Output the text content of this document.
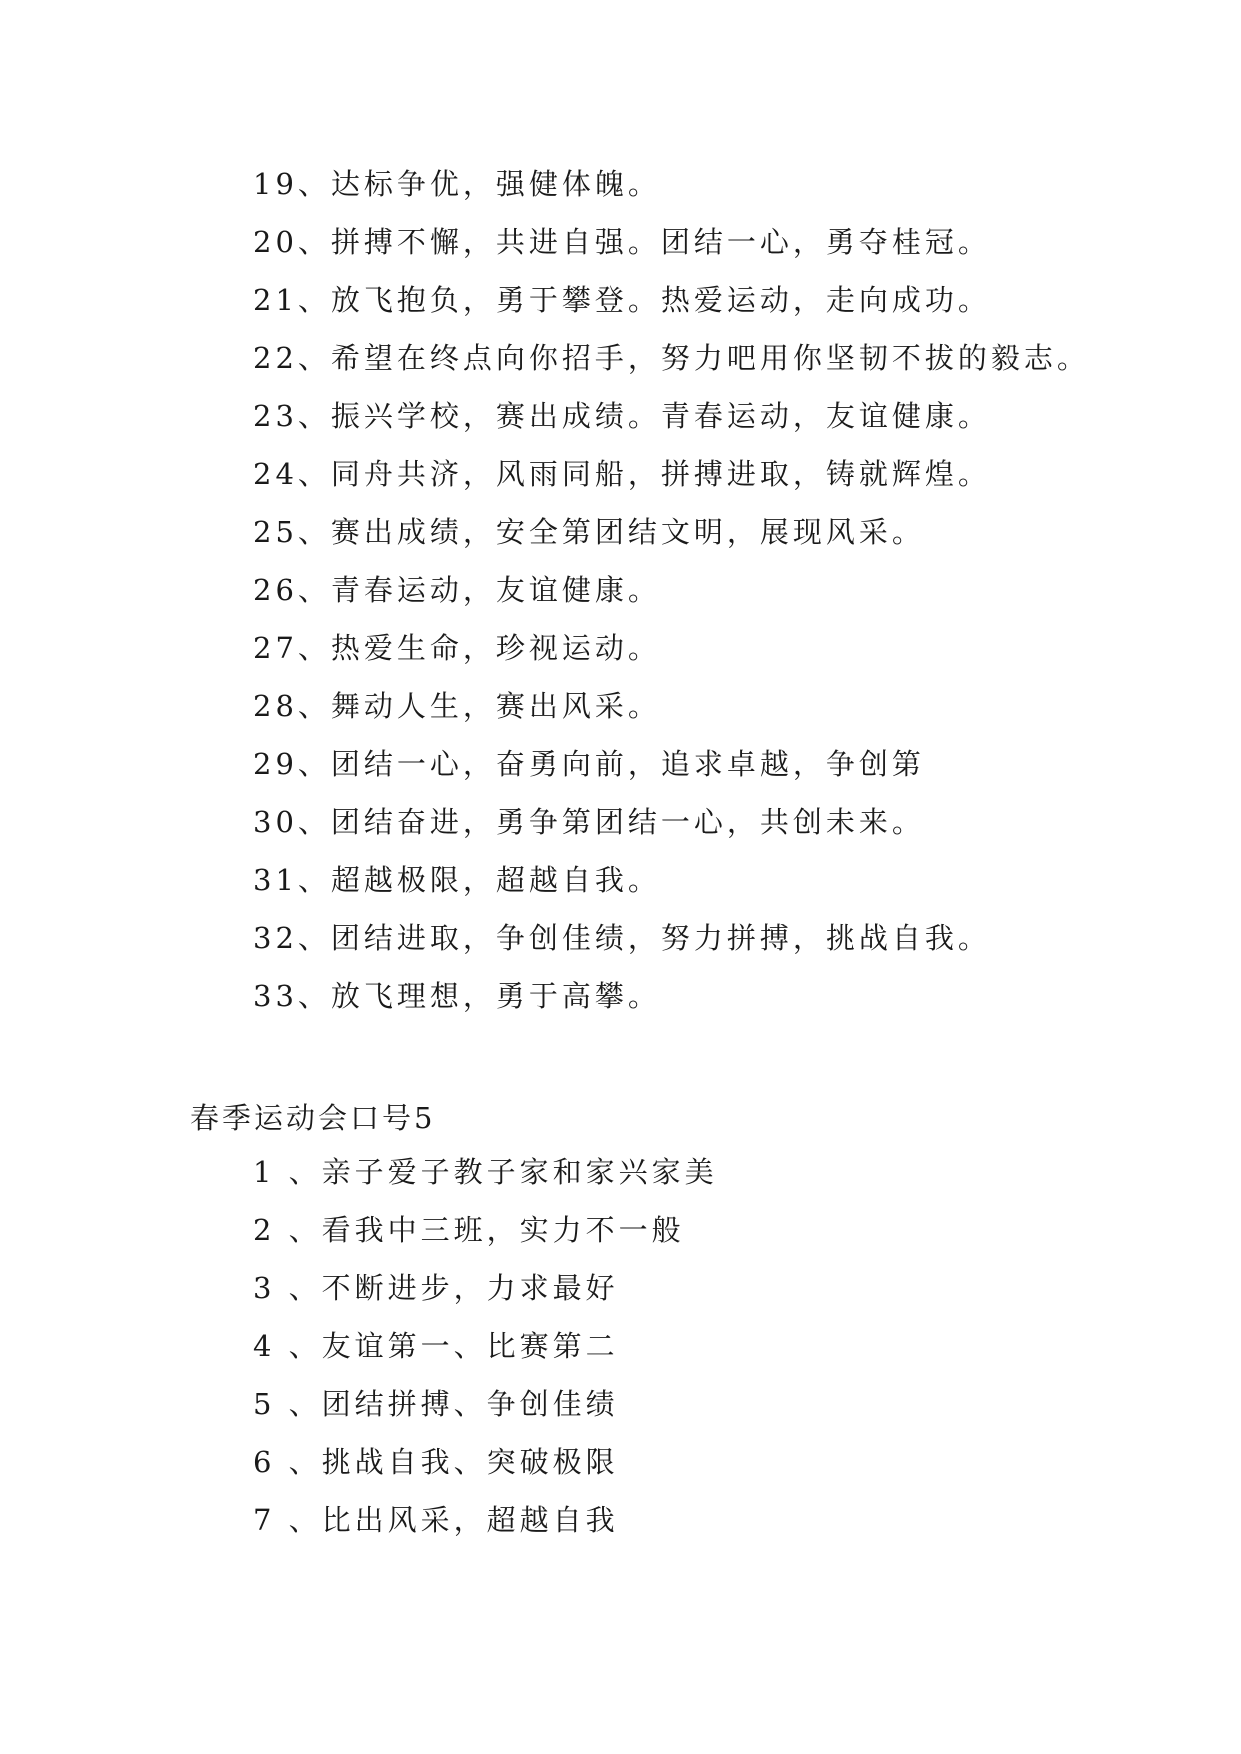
19、达标争优，强健体魄。
20、拼搏不懈，共进自强。团结一心，勇夺桂冠。
21、放飞抱负，勇于攀登。热爱运动，走向成功。
22、希望在终点向你招手，努力吧用你坚韧不拔的毅志。
23、振兴学校，赛出成绩。青春运动，友谊健康。
24、同舟共济，风雨同船，拼搏进取，铸就辉煌。
25、赛出成绩，安全第团结文明，展现风采。
26、青春运动，友谊健康。
27、热爱生命，珍视运动。
28、舞动人生，赛出风采。
29、团结一心，奋勇向前，追求卓越，争创第
30、团结奋进，勇争第团结一心，共创未来。
31、超越极限，超越自我。
32、团结进取，争创佳绩，努力拼搏，挑战自我。
33、放飞理想，勇于高攀。
春季运动会口号5
1 、亲子爱子教子家和家兴家美
2 、看我中三班，实力不一般
3 、不断进步，力求最好
4 、友谊第一、比赛第二
5 、团结拼搏、争创佳绩
6 、挑战自我、突破极限
7 、比出风采，超越自我
